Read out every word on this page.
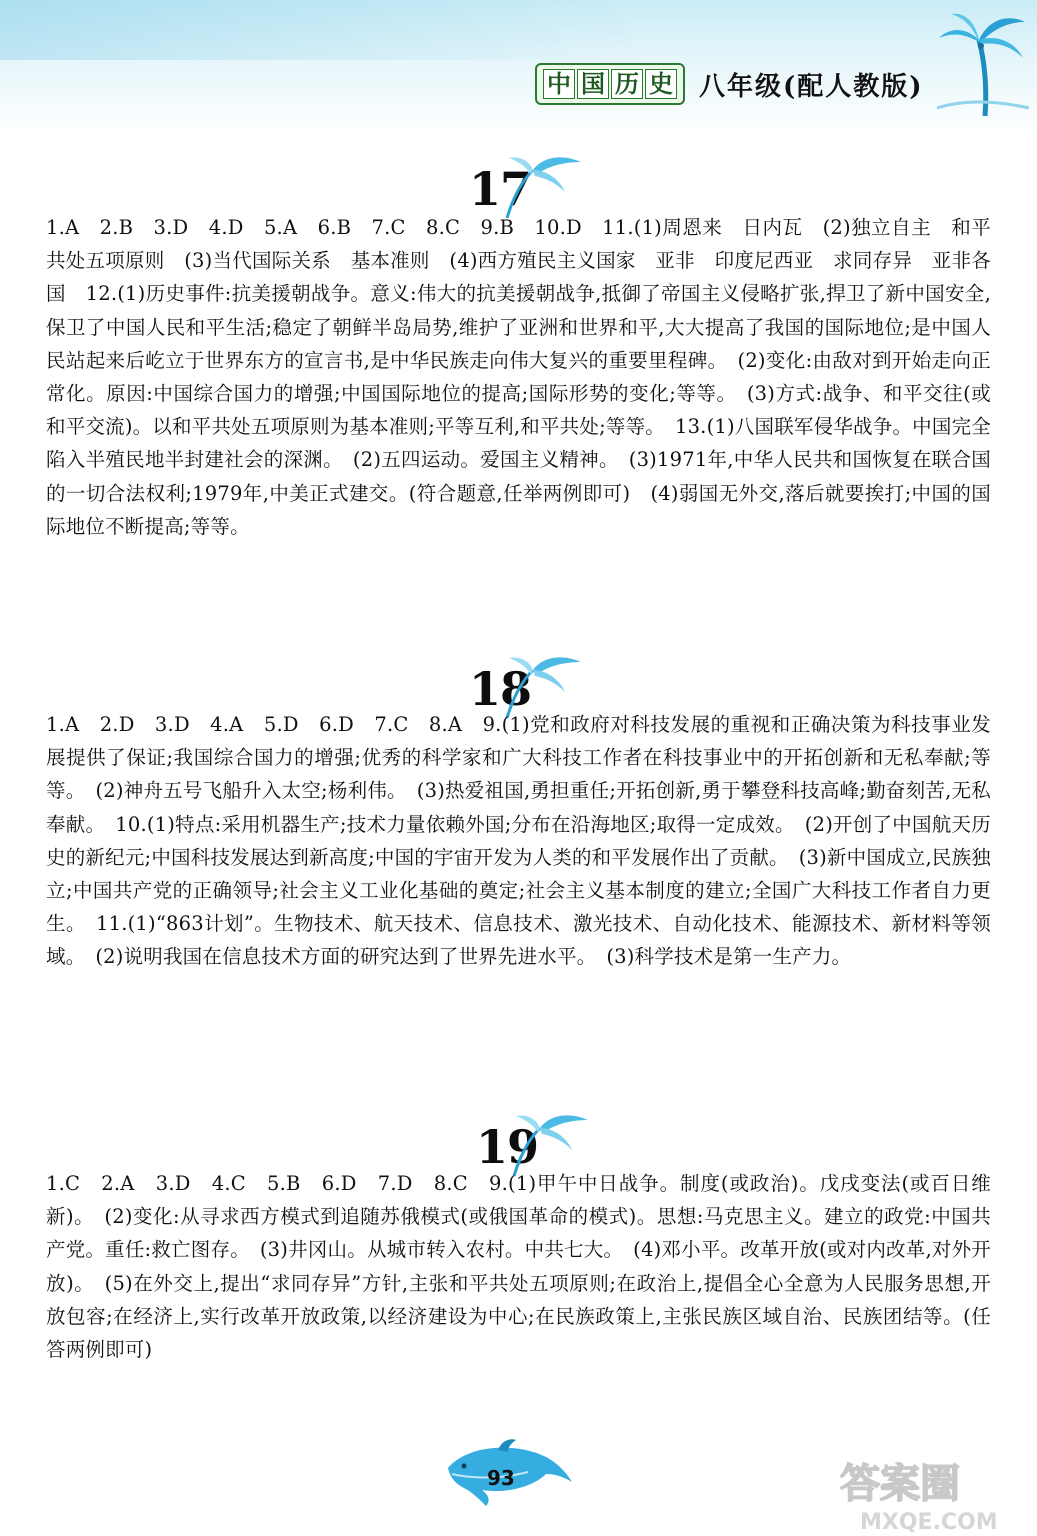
中 国 历 史 八年级(配人教版)
17

1.A　2.B　3.D　4.D　5.A　6.B　7.C　8.C　9.B　10.D　11.(1)周恩来　日内瓦　(2)独立自主　和平共处五项原则　(3)当代国际关系　基本准则　(4)西方殖民主义国家　亚非　印度尼西亚　求同存异　亚非各国　12.(1)历史事件:抗美援朝战争。意义:伟大的抗美援朝战争,抵御了帝国主义侵略扩张,捍卫了新中国安全,保卫了中国人民和平生活;稳定了朝鲜半岛局势,维护了亚洲和世界和平,大大提高了我国的国际地位;是中国人民站起来后屹立于世界东方的宣言书,是中华民族走向伟大复兴的重要里程碑。　(2)变化:由敌对到开始走向正常化。原因:中国综合国力的增强;中国国际地位的提高;国际形势的变化;等等。　(3)方式:战争、和平交往(或和平交流)。以和平共处五项原则为基本准则;平等互利,和平共处;等等。　13.(1)八国联军侵华战争。中国完全陷入半殖民地半封建社会的深渊。　(2)五四运动。爱国主义精神。　(3)1971年,中华人民共和国恢复在联合国的一切合法权利;1979年,中美正式建交。(符合题意,任举两例即可)　(4)弱国无外交,落后就要挨打;中国的国际地位不断提高;等等。

18

1.A　2.D　3.D　4.A　5.D　6.D　7.C　8.A　9.(1)党和政府对科技发展的重视和正确决策为科技事业发展提供了保证;我国综合国力的增强;优秀的科学家和广大科技工作者在科技事业中的开拓创新和无私奉献;等等。　(2)神舟五号飞船升入太空;杨利伟。　(3)热爱祖国,勇担重任;开拓创新,勇于攀登科技高峰;勤奋刻苦,无私奉献。　10.(1)特点:采用机器生产;技术力量依赖外国;分布在沿海地区;取得一定成效。　(2)开创了中国航天历史的新纪元;中国科技发展达到新高度;中国的宇宙开发为人类的和平发展作出了贡献。　(3)新中国成立,民族独立;中国共产党的正确领导;社会主义工业化基础的奠定;社会主义基本制度的建立;全国广大科技工作者自力更生。　11.(1)“863计划”。生物技术、航天技术、信息技术、激光技术、自动化技术、能源技术、新材料等领域。　(2)说明我国在信息技术方面的研究达到了世界先进水平。　(3)科学技术是第一生产力。

19

1.C　2.A　3.D　4.C　5.B　6.D　7.D　8.C　9.(1)甲午中日战争。制度(或政治)。戊戌变法(或百日维新)。　(2)变化:从寻求西方模式到追随苏俄模式(或俄国革命的模式)。思想:马克思主义。建立的政党:中国共产党。重任:救亡图存。　(3)井冈山。从城市转入农村。中共七大。　(4)邓小平。改革开放(或对内改革,对外开放)。　(5)在外交上,提出“求同存异”方针,主张和平共处五项原则;在政治上,提倡全心全意为人民服务思想,开放包容;在经济上,实行改革开放政策,以经济建设为中心;在民族政策上,主张民族区域自治、民族团结等。(任答两例即可)

93	答案圈
MXQE.COM
